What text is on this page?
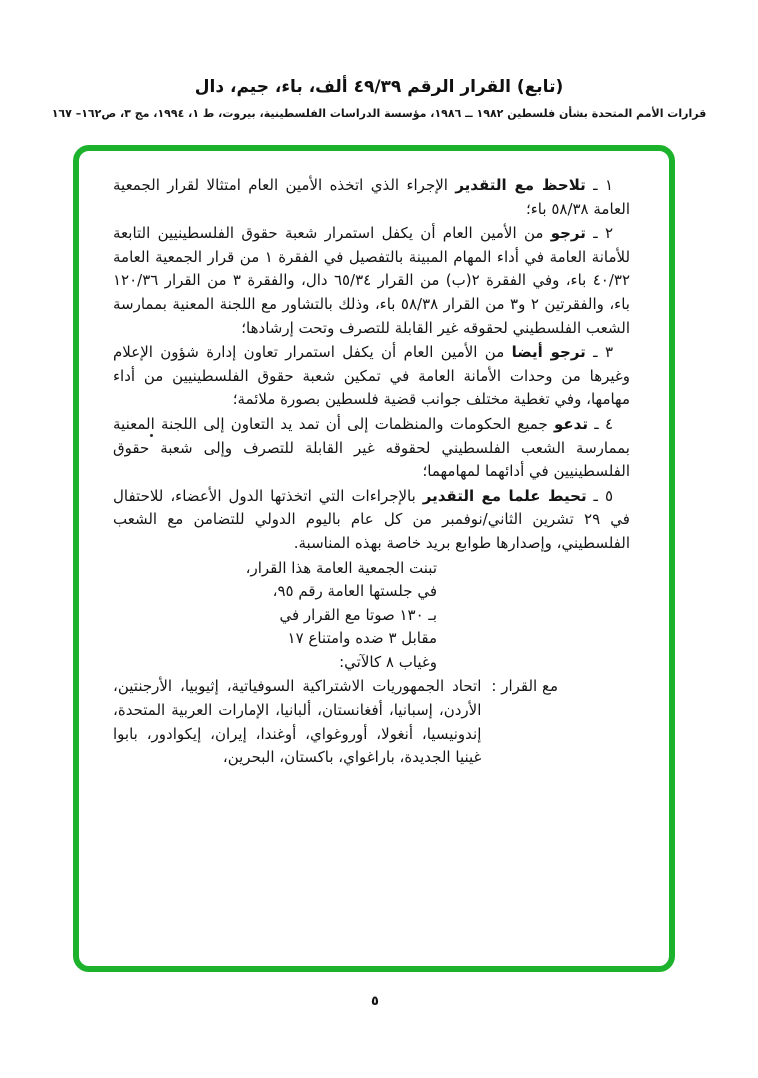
(تابع) القرار الرقم ٤٩/٣٩ ألف، باء، جيم، دال
قرارات الأمم المتحدة بشأن فلسطين ١٩٨٢ ــ ١٩٨٦، مؤسسة الدراسات الفلسطينية، بيروت، ط ١، ١٩٩٤، مج ٣، ص١٦٢– ١٦٧

١ ـ تلاحظ مع التقدير الإجراء الذي اتخذه الأمين العام امتثالا لقرار الجمعية العامة ٥٨/٣٨ باء؛

٢ ـ ترجو من الأمين العام أن يكفل استمرار شعبة حقوق الفلسطينيين التابعة للأمانة العامة في أداء المهام المبينة بالتفصيل في الفقرة ١ من قرار الجمعية العامة ٤٠/٣٢ باء، وفي الفقرة ‪٢(ب)‬ من القرار ٦٥/٣٤ دال، والفقرة ٣ من القرار ١٢٠/٣٦ باء، والفقرتين ٢ و٣ من القرار ٥٨/٣٨ باء، وذلك بالتشاور مع اللجنة المعنية بممارسة الشعب الفلسطيني لحقوقه غير القابلة للتصرف وتحت إرشادها؛

٣ ـ ترجو أيضا من الأمين العام أن يكفل استمرار تعاون إدارة شؤون الإعلام وغيرها من وحدات الأمانة العامة في تمكين شعبة حقوق الفلسطينيين من أداء مهامها، وفي تغطية مختلف جوانب قضية فلسطين بصورة ملائمة؛

٤ ـ تدعو جميع الحكومات والمنظمات إلى أن تمد يد التعاون إلى اللجنة المعنية بممارسة الشعب الفلسطيني لحقوقه غير القابلة للتصرف وإلى شعبة حقوق الفلسطينيين في أدائهما لمهامهما؛

٥ ـ تحيط علما مع التقدير بالإجراءات التي اتخذتها الدول الأعضاء، للاحتفال في ٢٩ تشرين الثاني/نوفمبر من كل عام باليوم الدولي للتضامن مع الشعب الفلسطيني، وإصدارها طوابع بريد خاصة بهذه المناسبة.

تبنت الجمعية العامة هذا القرار،
في جلستها العامة رقم ٩٥،
بـ ١٣٠ صوتا مع القرار في
مقابل ٣ ضده وامتناع ١٧
وغياب ٨ كالآتي:
مع القرار :
اتحاد الجمهوريات الاشتراكية السوفياتية، إثيوبيا، الأرجنتين، الأردن، إسبانيا، أفغانستان، ألبانيا، الإمارات العربية المتحدة، إندونيسيا، أنغولا، أوروغواي، أوغندا، إيران، إيكوادور، بابوا غينيا الجديدة، باراغواي، باكستان، البحرين،
٥
